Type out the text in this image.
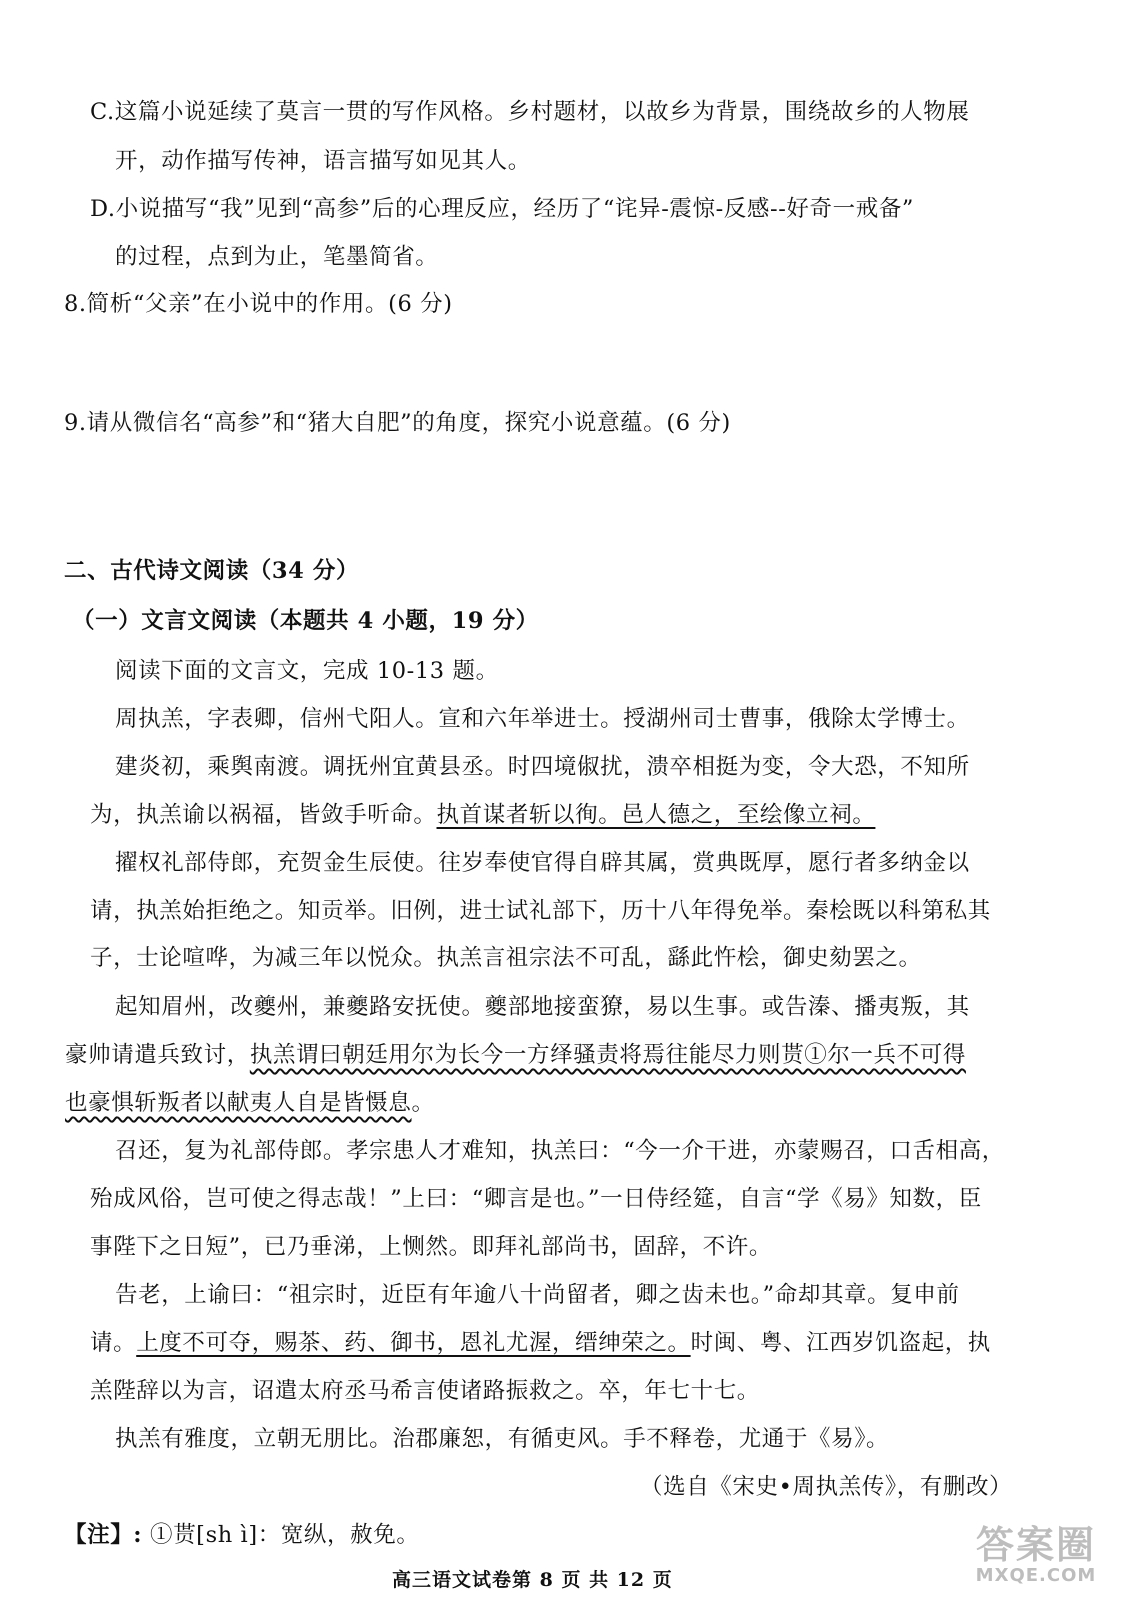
C.这篇小说延续了莫言一贯的写作风格。乡村题材，以故乡为背景，围绕故乡的人物展
开，动作描写传神，语言描写如见其人。
D.小说描写“我”见到“高参”后的心理反应，经历了“诧异-震惊-反感--好奇一戒备”
的过程，点到为止，笔墨简省。
8.简析“父亲”在小说中的作用。(6 分)
9.请从微信名“高参”和“猪大自肥”的角度，探究小说意蕴。(6 分)
二、古代诗文阅读（34 分）
（一）文言文阅读（本题共 4 小题，19 分）
阅读下面的文言文，完成 10-13 题。
周执羔，字表卿，信州弋阳人。宣和六年举进士。授湖州司士曹事，俄除太学博士。
建炎初，乘舆南渡。调抚州宜黄县丞。时四境俶扰，溃卒相挺为变，令大恐，不知所
为，执羔谕以祸福，皆敛手听命。执首谋者斩以徇。邑人德之，至绘像立祠。
擢权礼部侍郎，充贺金生辰使。往岁奉使官得自辟其属，赏典既厚，愿行者多纳金以
请，执羔始拒绝之。知贡举。旧例，进士试礼部下，历十八年得免举。秦桧既以科第私其
子，士论喧哗，为减三年以悦众。执羔言祖宗法不可乱，繇此忤桧，御史劾罢之。
起知眉州，改夔州，兼夔路安抚使。夔部地接蛮獠，易以生事。或告溱、播夷叛，其
豪帅请遣兵致讨，执羔谓曰朝廷用尔为长今一方绎骚责将焉往能尽力则贳①尔一兵不可得
也豪惧斩叛者以献夷人自是皆慑息。
召还，复为礼部侍郎。孝宗患人才难知，执羔曰：“今一介干进，亦蒙赐召，口舌相高，
殆成风俗，岂可使之得志哉！”上曰：“卿言是也。”一日侍经筵，自言“学《易》知数，臣
事陛下之日短”，已乃垂涕，上恻然。即拜礼部尚书，固辞，不许。
告老，上谕曰：“祖宗时，近臣有年逾八十尚留者，卿之齿未也。”命却其章。复申前
请。上度不可夺，赐茶、药、御书，恩礼尤渥，缙绅荣之。时闽、粤、江西岁饥盗起，执
羔陛辞以为言，诏遣太府丞马希言使诸路振救之。卒，年七十七。
执羔有雅度，立朝无朋比。治郡廉恕，有循吏风。手不释卷，尤通于《易》。
（选自《宋史•周执羔传》，有删改）
【注】: ①贳[sh ì]：宽纵，赦免。
高三语文试卷第 8 页 共 12 页
答案圈
MXQE.COM
